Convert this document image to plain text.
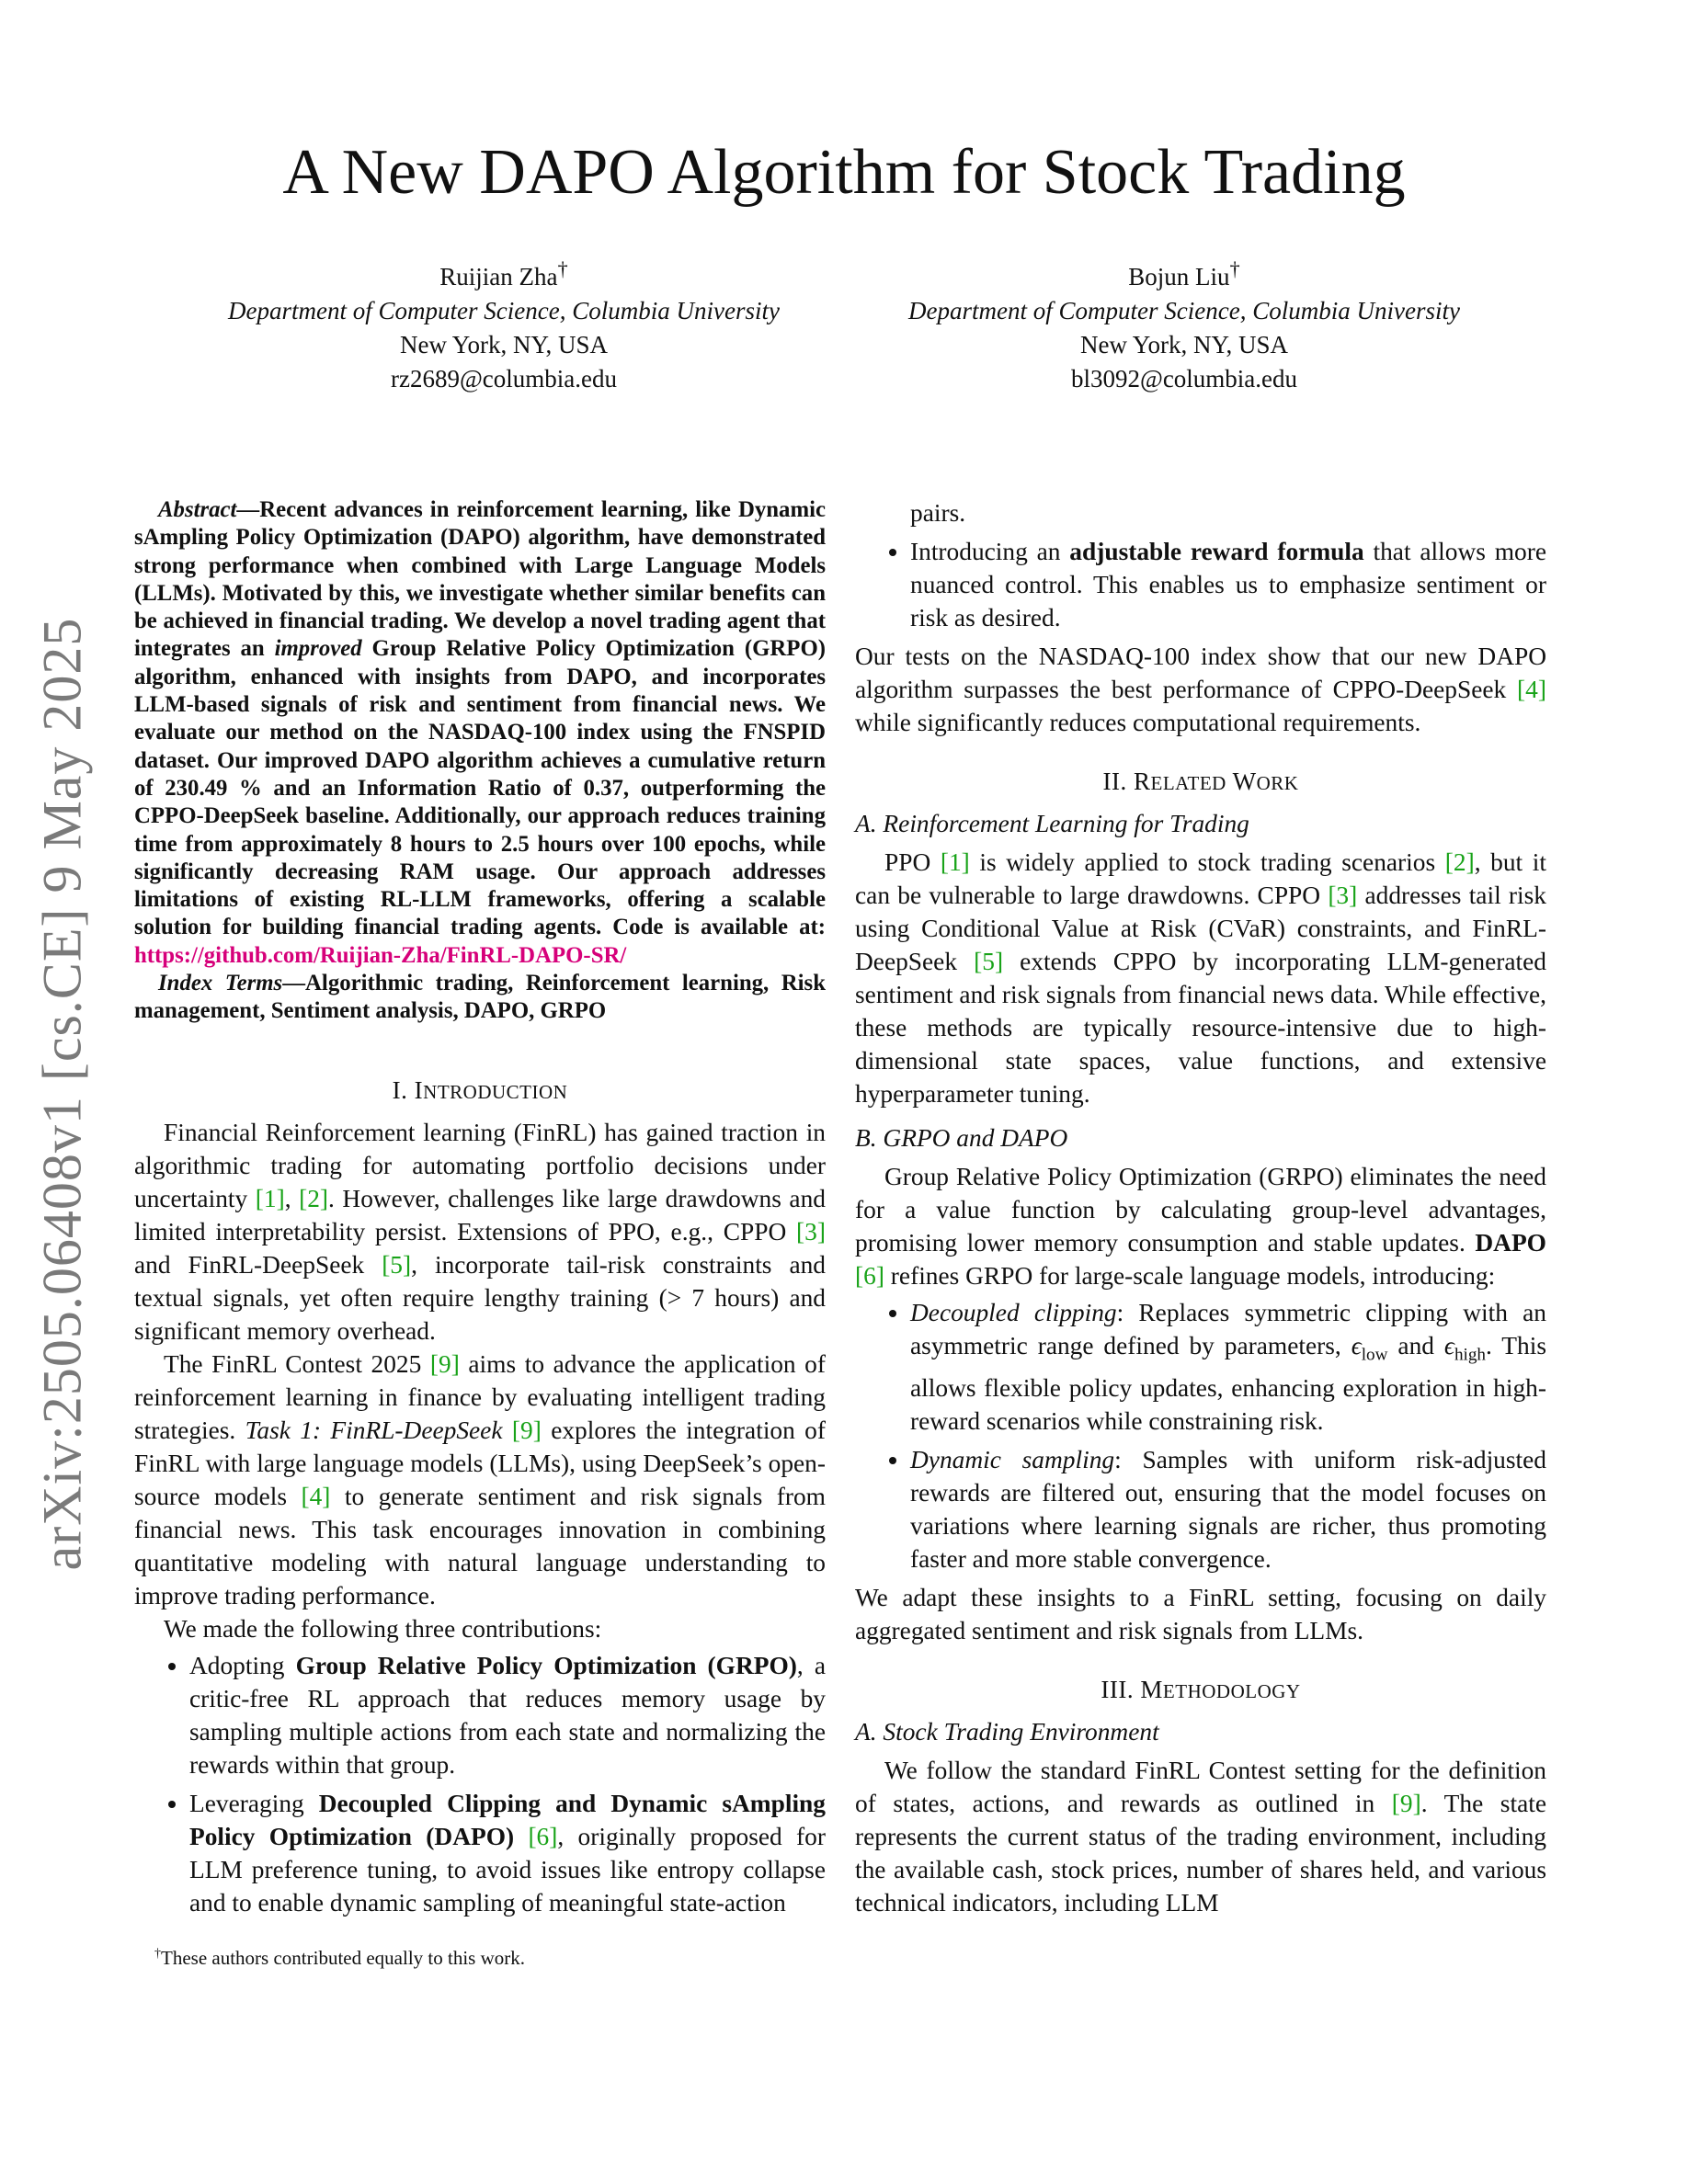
arXiv:2505.06408v1 [cs.CE] 9 May 2025
A New DAPO Algorithm for Stock Trading
Ruijian Zha†
Department of Computer Science, Columbia University
New York, NY, USA
rz2689@columbia.edu
Bojun Liu†
Department of Computer Science, Columbia University
New York, NY, USA
bl3092@columbia.edu

Abstract—Recent advances in reinforcement learning, like Dynamic sAmpling Policy Optimization (DAPO) algorithm, have demonstrated strong performance when combined with Large Language Models (LLMs). Motivated by this, we investigate whether similar benefits can be achieved in financial trading. We develop a novel trading agent that integrates an improved Group Relative Policy Optimization (GRPO) algorithm, enhanced with insights from DAPO, and incorporates LLM-based signals of risk and sentiment from financial news. We evaluate our method on the NASDAQ-100 index using the FNSPID dataset. Our improved DAPO algorithm achieves a cumulative return of 230.49 % and an Information Ratio of 0.37, outperforming the CPPO-DeepSeek baseline. Additionally, our approach reduces training time from approximately 8 hours to 2.5 hours over 100 epochs, while significantly decreasing RAM usage. Our approach addresses limitations of existing RL-LLM frameworks, offering a scalable solution for building financial trading agents. Code is available at: https://github.com/Ruijian-Zha/FinRL-DAPO-SR/

Index Terms—Algorithmic trading, Reinforcement learning, Risk management, Sentiment analysis, DAPO, GRPO

I. INTRODUCTION

Financial Reinforcement learning (FinRL) has gained traction in algorithmic trading for automating portfolio decisions under uncertainty [1], [2]. However, challenges like large drawdowns and limited interpretability persist. Extensions of PPO, e.g., CPPO [3] and FinRL-DeepSeek [5], incorporate tail-risk constraints and textual signals, yet often require lengthy training (> 7 hours) and significant memory overhead.

The FinRL Contest 2025 [9] aims to advance the application of reinforcement learning in finance by evaluating intelligent trading strategies. Task 1: FinRL-DeepSeek [9] explores the integration of FinRL with large language models (LLMs), using DeepSeek’s open-source models [4] to generate sentiment and risk signals from financial news. This task encourages innovation in combining quantitative modeling with natural language understanding to improve trading performance.

We made the following three contributions:

• Adopting Group Relative Policy Optimization (GRPO), a critic-free RL approach that reduces memory usage by sampling multiple actions from each state and normalizing the rewards within that group.
• Leveraging Decoupled Clipping and Dynamic sAmpling Policy Optimization (DAPO) [6], originally proposed for LLM preference tuning, to avoid issues like entropy collapse and to enable dynamic sampling of meaningful state-action
pairs.
• Introducing an adjustable reward formula that allows more nuanced control. This enables us to emphasize sentiment or risk as desired.

Our tests on the NASDAQ-100 index show that our new DAPO algorithm surpasses the best performance of CPPO-DeepSeek [4] while significantly reduces computational requirements.

II. RELATED WORK
A. Reinforcement Learning for Trading

PPO [1] is widely applied to stock trading scenarios [2], but it can be vulnerable to large drawdowns. CPPO [3] addresses tail risk using Conditional Value at Risk (CVaR) constraints, and FinRL-DeepSeek [5] extends CPPO by incorporating LLM-generated sentiment and risk signals from financial news data. While effective, these methods are typically resource-intensive due to high-dimensional state spaces, value functions, and extensive hyperparameter tuning.

B. GRPO and DAPO

Group Relative Policy Optimization (GRPO) eliminates the need for a value function by calculating group-level advantages, promising lower memory consumption and stable updates. DAPO [6] refines GRPO for large-scale language models, introducing:

• Decoupled clipping: Replaces symmetric clipping with an asymmetric range defined by parameters, $\epsilon_{low}$ and $\epsilon_{high}$. This allows flexible policy updates, enhancing exploration in high-reward scenarios while constraining risk.
• Dynamic sampling: Samples with uniform risk-adjusted rewards are filtered out, ensuring that the model focuses on variations where learning signals are richer, thus promoting faster and more stable convergence.

We adapt these insights to a FinRL setting, focusing on daily aggregated sentiment and risk signals from LLMs.

III. METHODOLOGY
A. Stock Trading Environment

We follow the standard FinRL Contest setting for the definition of states, actions, and rewards as outlined in [9]. The state represents the current status of the trading environment, including the available cash, stock prices, number of shares held, and various technical indicators, including LLM

†These authors contributed equally to this work.
